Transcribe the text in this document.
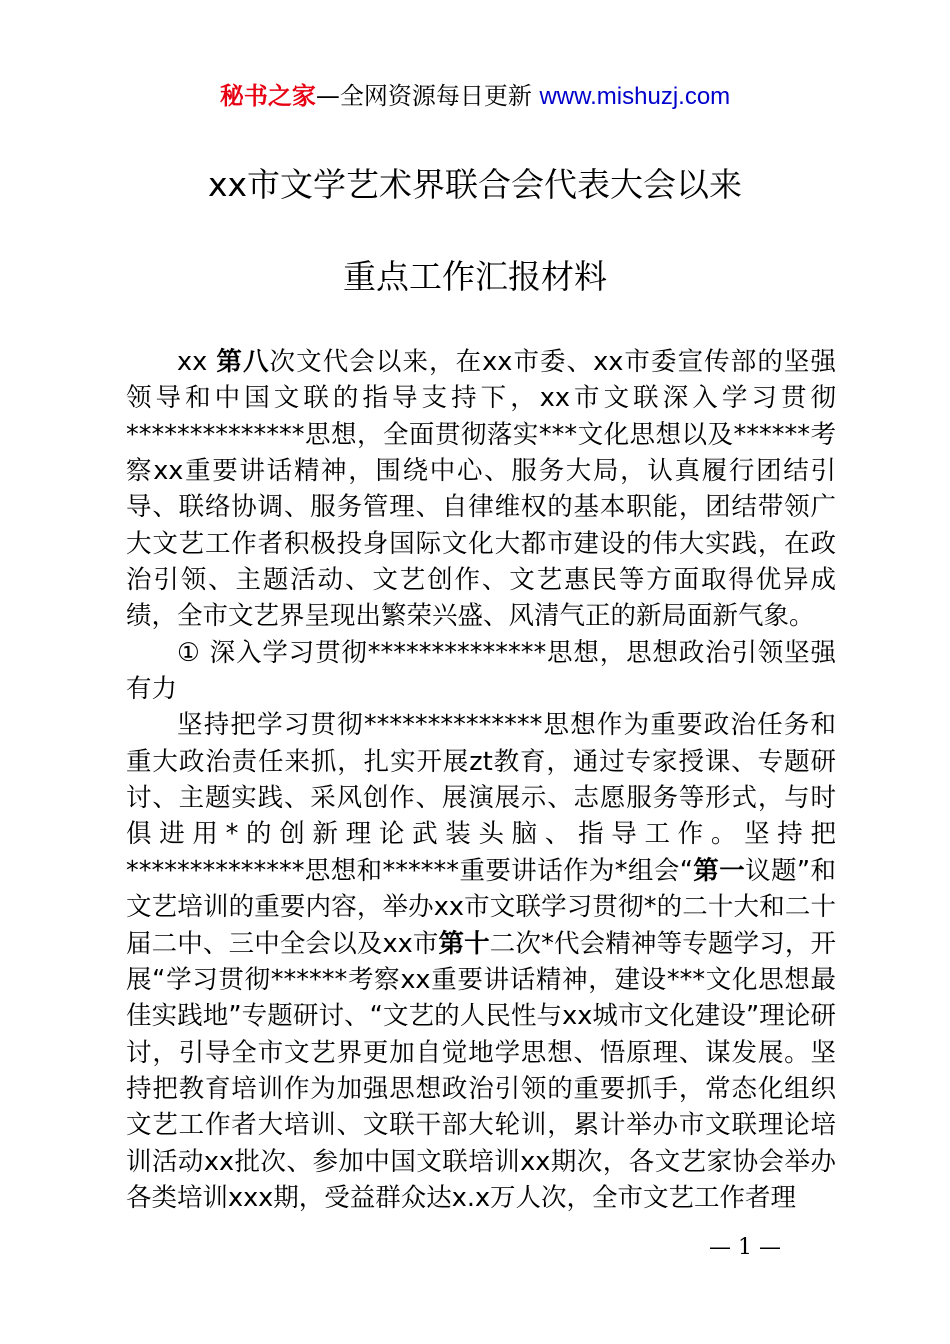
秘书之家—全网资源每日更新 www.mishuzj.com
xx市文学艺术界联合会代表大会以来
重点工作汇报材料

xx 第八次文代会以来，在xx市委、xx市委宣传部的坚强领导和中国文联的指导支持下，xx市文联深入学习贯彻**************思想，全面贯彻落实***文化思想以及******考察xx重要讲话精神，围绕中心、服务大局，认真履行团结引导、联络协调、服务管理、自律维权的基本职能，团结带领广大文艺工作者积极投身国际文化大都市建设的伟大实践，在政治引领、主题活动、文艺创作、文艺惠民等方面取得优异成绩，全市文艺界呈现出繁荣兴盛、风清气正的新局面新气象。

① 深入学习贯彻**************思想，思想政治引领坚强有力

坚持把学习贯彻**************思想作为重要政治任务和重大政治责任来抓，扎实开展zt教育，通过专家授课、专题研讨、主题实践、采风创作、展演展示、志愿服务等形式，与时俱进用*的创新理论武装头脑、指导工作。坚持把**************思想和******重要讲话作为*组会“第一议题”和文艺培训的重要内容，举办xx市文联学习贯彻*的二十大和二十届二中、三中全会以及xx市第十二次*代会精神等专题学习，开展“学习贯彻******考察xx重要讲话精神，建设***文化思想最佳实践地”专题研讨、“文艺的人民性与xx城市文化建设”理论研讨，引导全市文艺界更加自觉地学思想、悟原理、谋发展。坚持把教育培训作为加强思想政治引领的重要抓手，常态化组织文艺工作者大培训、文联干部大轮训，累计举办市文联理论培训活动xx批次、参加中国文联培训xx期次，各文艺家协会举办各类培训xxx期，受益群众达x.x万人次，全市文艺工作者理

— 1 —
